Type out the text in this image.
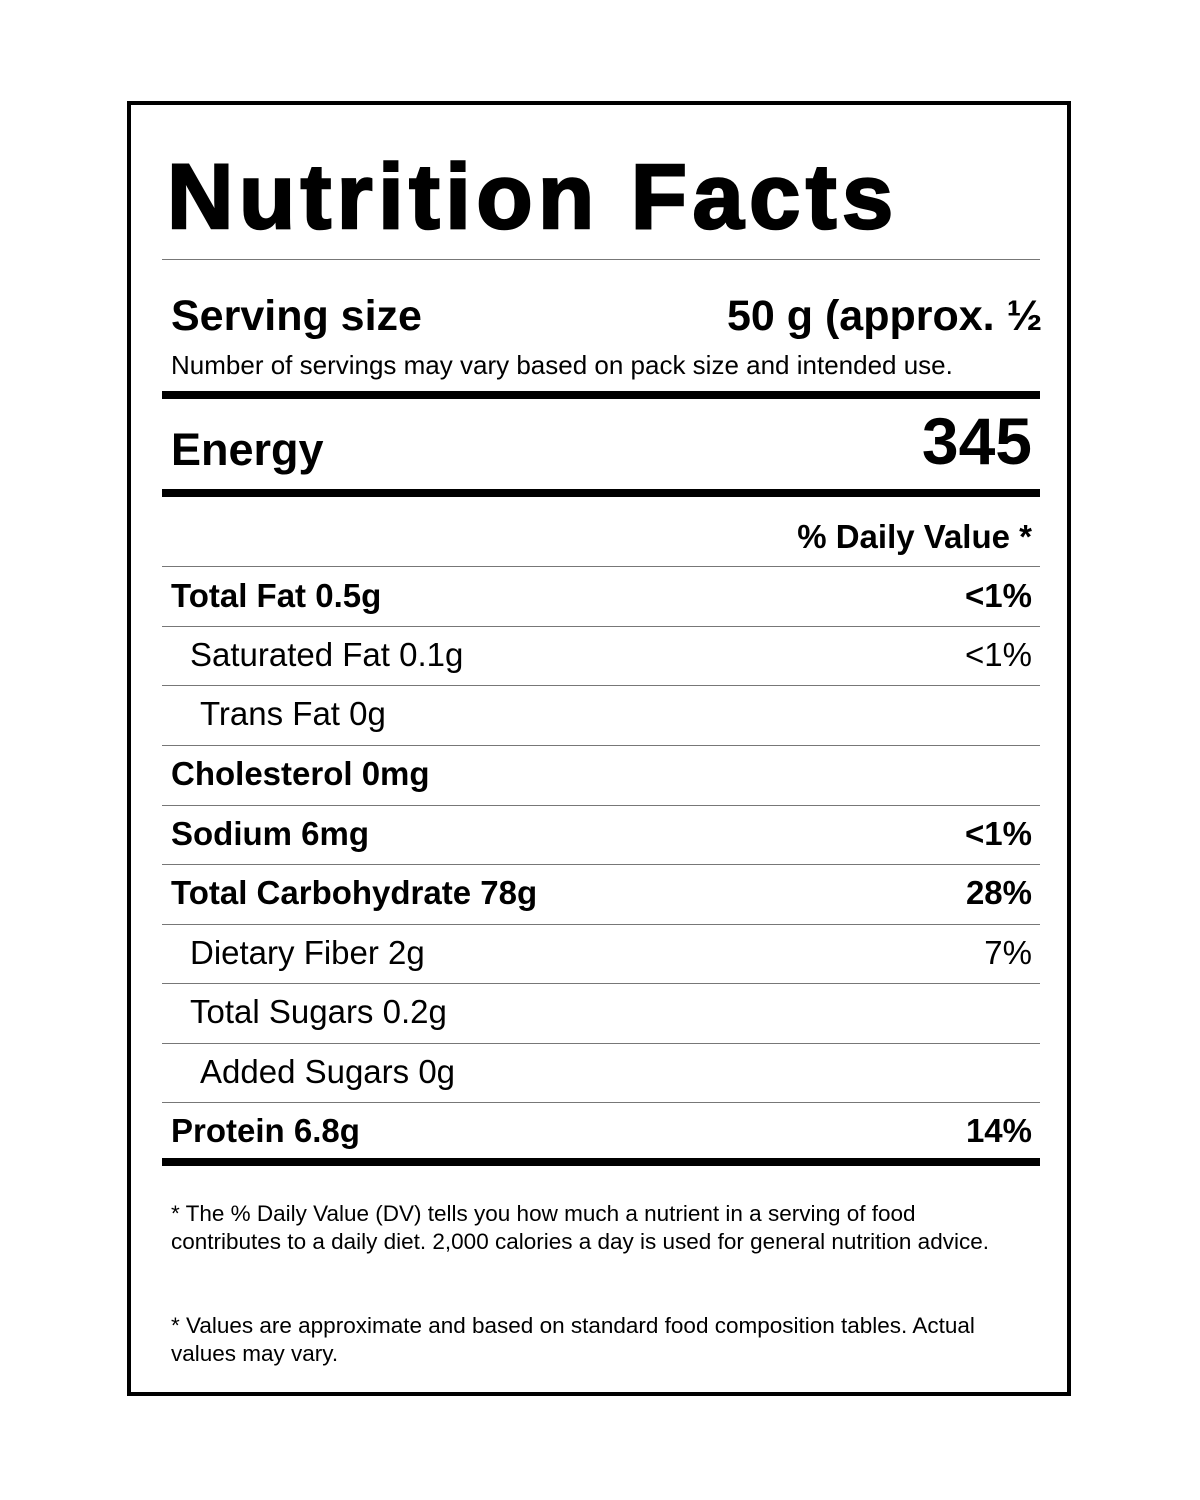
Nutrition Facts
Serving size	50 g (approx. ½
Number of servings may vary based on pack size and intended use.
Energy	345
% Daily Value *
Total Fat 0.5g	<1%
Saturated Fat 0.1g	<1%
Trans Fat 0g
Cholesterol 0mg
Sodium 6mg	<1%
Total Carbohydrate 78g	28%
Dietary Fiber 2g	7%
Total Sugars 0.2g
Added Sugars 0g
Protein 6.8g	14%
* The % Daily Value (DV) tells you how much a nutrient in a serving of food contributes to a daily diet. 2,000 calories a day is used for general nutrition advice.
* Values are approximate and based on standard food composition tables. Actual values may vary.
